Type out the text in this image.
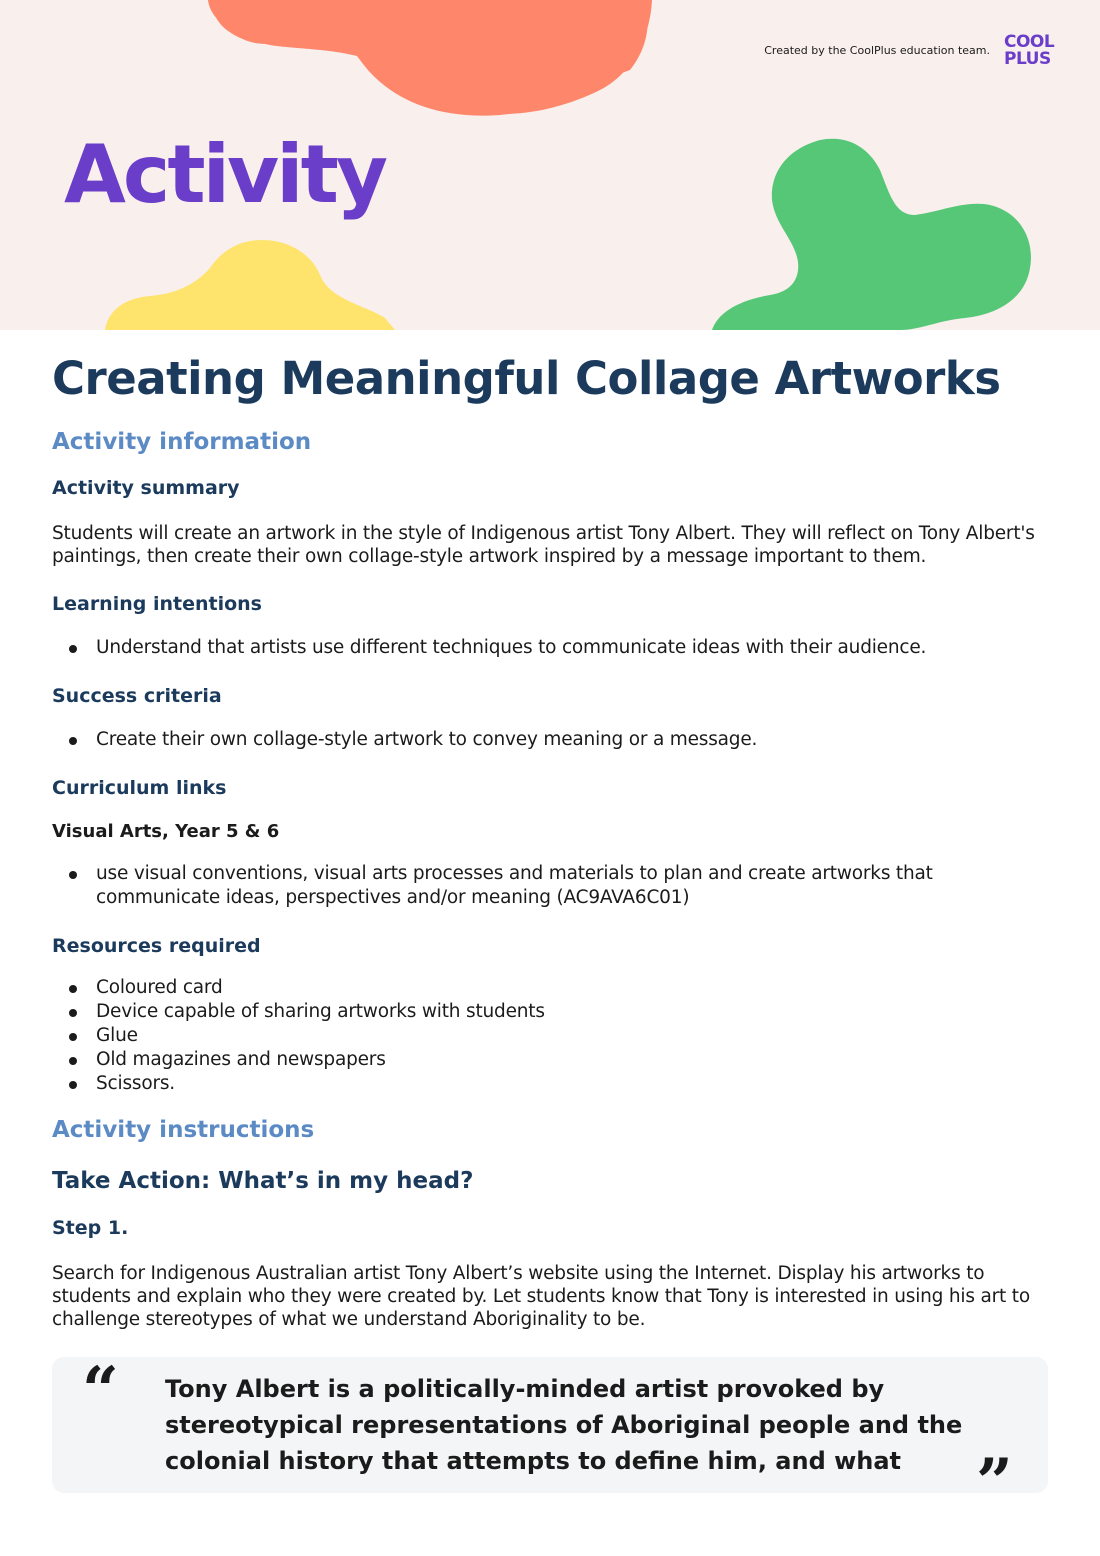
Created by the CoolPlus education team. COOL
PLUS
Activity
Creating Meaningful Collage Artworks
Activity information
Activity summary

Students will create an artwork in the style of Indigenous artist Tony Albert. They will reflect on Tony Albert's paintings, then create their own collage-style artwork inspired by a message important to them.

Learning intentions
Understand that artists use different techniques to communicate ideas with their audience.
Success criteria
Create their own collage-style artwork to convey meaning or a message.
Curriculum links
Visual Arts, Year 5 & 6
use visual conventions, visual arts processes and materials to plan and create artworks that communicate ideas, perspectives and/or meaning (AC9AVA6C01)
Resources required
Coloured card
Device capable of sharing artworks with students
Glue
Old magazines and newspapers
Scissors.
Activity instructions
Take Action: What’s in my head?
Step 1.

Search for Indigenous Australian artist Tony Albert’s website using the Internet. Display his artworks to students and explain who they were created by. Let students know that Tony is interested in using his art to challenge stereotypes of what we understand Aboriginality to be.

“ Tony Albert is a politically-minded artist provoked by stereotypical representations of Aboriginal people and the colonial history that attempts to define him, and what	”
